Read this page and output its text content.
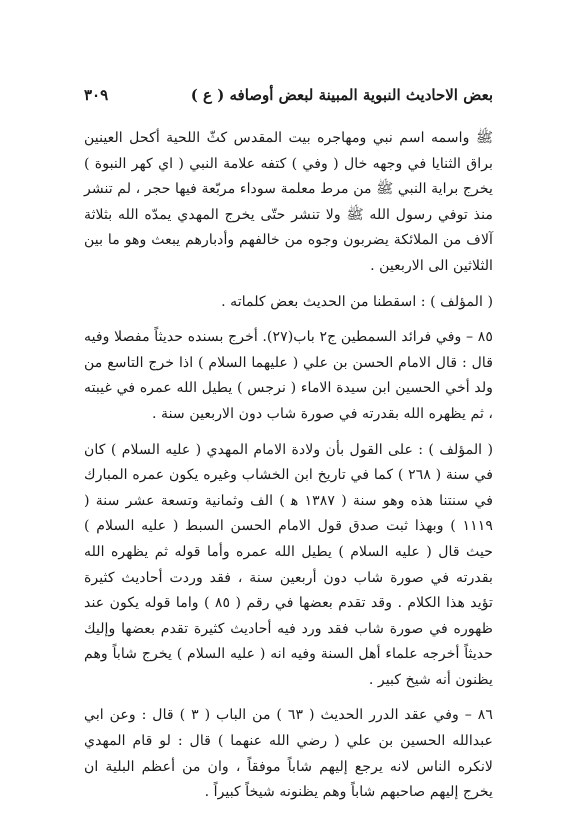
بعض الاحاديث النبوية المبينة لبعض أوصافه ( ع )
٣٠٩

ﷺ واسمه اسم نبي ومهاجره بيت المقدس كثّ اللحية أكحل العينين براق الثنايا في وجهه خال ( وفي ) كتفه علامة النبي ( اي كهر النبوة ) يخرج براية النبي ﷺ من مرط معلمة سوداء مربّعة فيها حجر ، لم تنشر منذ توفي رسول الله ﷺ ولا تنشر حتّى يخرج المهدي يمدّه الله بثلاثة آلاف من الملائكة يضربون وجوه من خالفهم وأدبارهم يبعث وهو ما بين الثلاثين الى الاربعين .

( المؤلف ) : اسقطنا من الحديث بعض كلماته .

٨٥ – وفي فرائد السمطين ج٢ باب(٢٧). أخرج بسنده حديثاً مفصلا وفيه قال : قال الامام الحسن بن علي ( عليهما السلام ) اذا خرج التاسع من ولد أخي الحسين ابن سيدة الاماء ( نرجس ) يطيل الله عمره في غيبته ، ثم يظهره الله بقدرته في صورة شاب دون الاربعين سنة .

( المؤلف ) : على القول بأن ولادة الامام المهدي ( عليه السلام ) كان في سنة ( ٢٦٨ ) كما في تاريخ ابن الخشاب وغيره يكون عمره المبارك في سنتنا هذه وهو سنة ( ١٣٨٧ ﻫ ) الف وثمانية وتسعة عشر سنة ( ١١١٩ ) وبهذا ثبت صدق قول الامام الحسن السبط ( عليه السلام ) حيث قال ( عليه السلام ) يطيل الله عمره وأما قوله ثم يظهره الله بقدرته في صورة شاب دون أربعين سنة ، فقد وردت أحاديث كثيرة تؤيد هذا الكلام . وقد تقدم بعضها في رقم ( ٨٥ ) واما قوله يكون عند ظهوره في صورة شاب فقد ورد فيه أحاديث كثيرة تقدم بعضها وإليك حديثاً أخرجه علماء أهل السنة وفيه انه ( عليه السلام ) يخرج شاباً وهم يظنون أنه شيخ كبير .

٨٦ – وفي عقد الدرر الحديث ( ٦٣ ) من الباب ( ٣ ) قال : وعن ابي عبدالله الحسين بن علي ( رضي الله عنهما ) قال : لو قام المهدي لانكره الناس لانه يرجع إليهم شاباً موفقاً ، وان من أعظم البلية ان يخرج إليهم صاحبهم شاباً وهم يظنونه شيخاً كبيراً .
